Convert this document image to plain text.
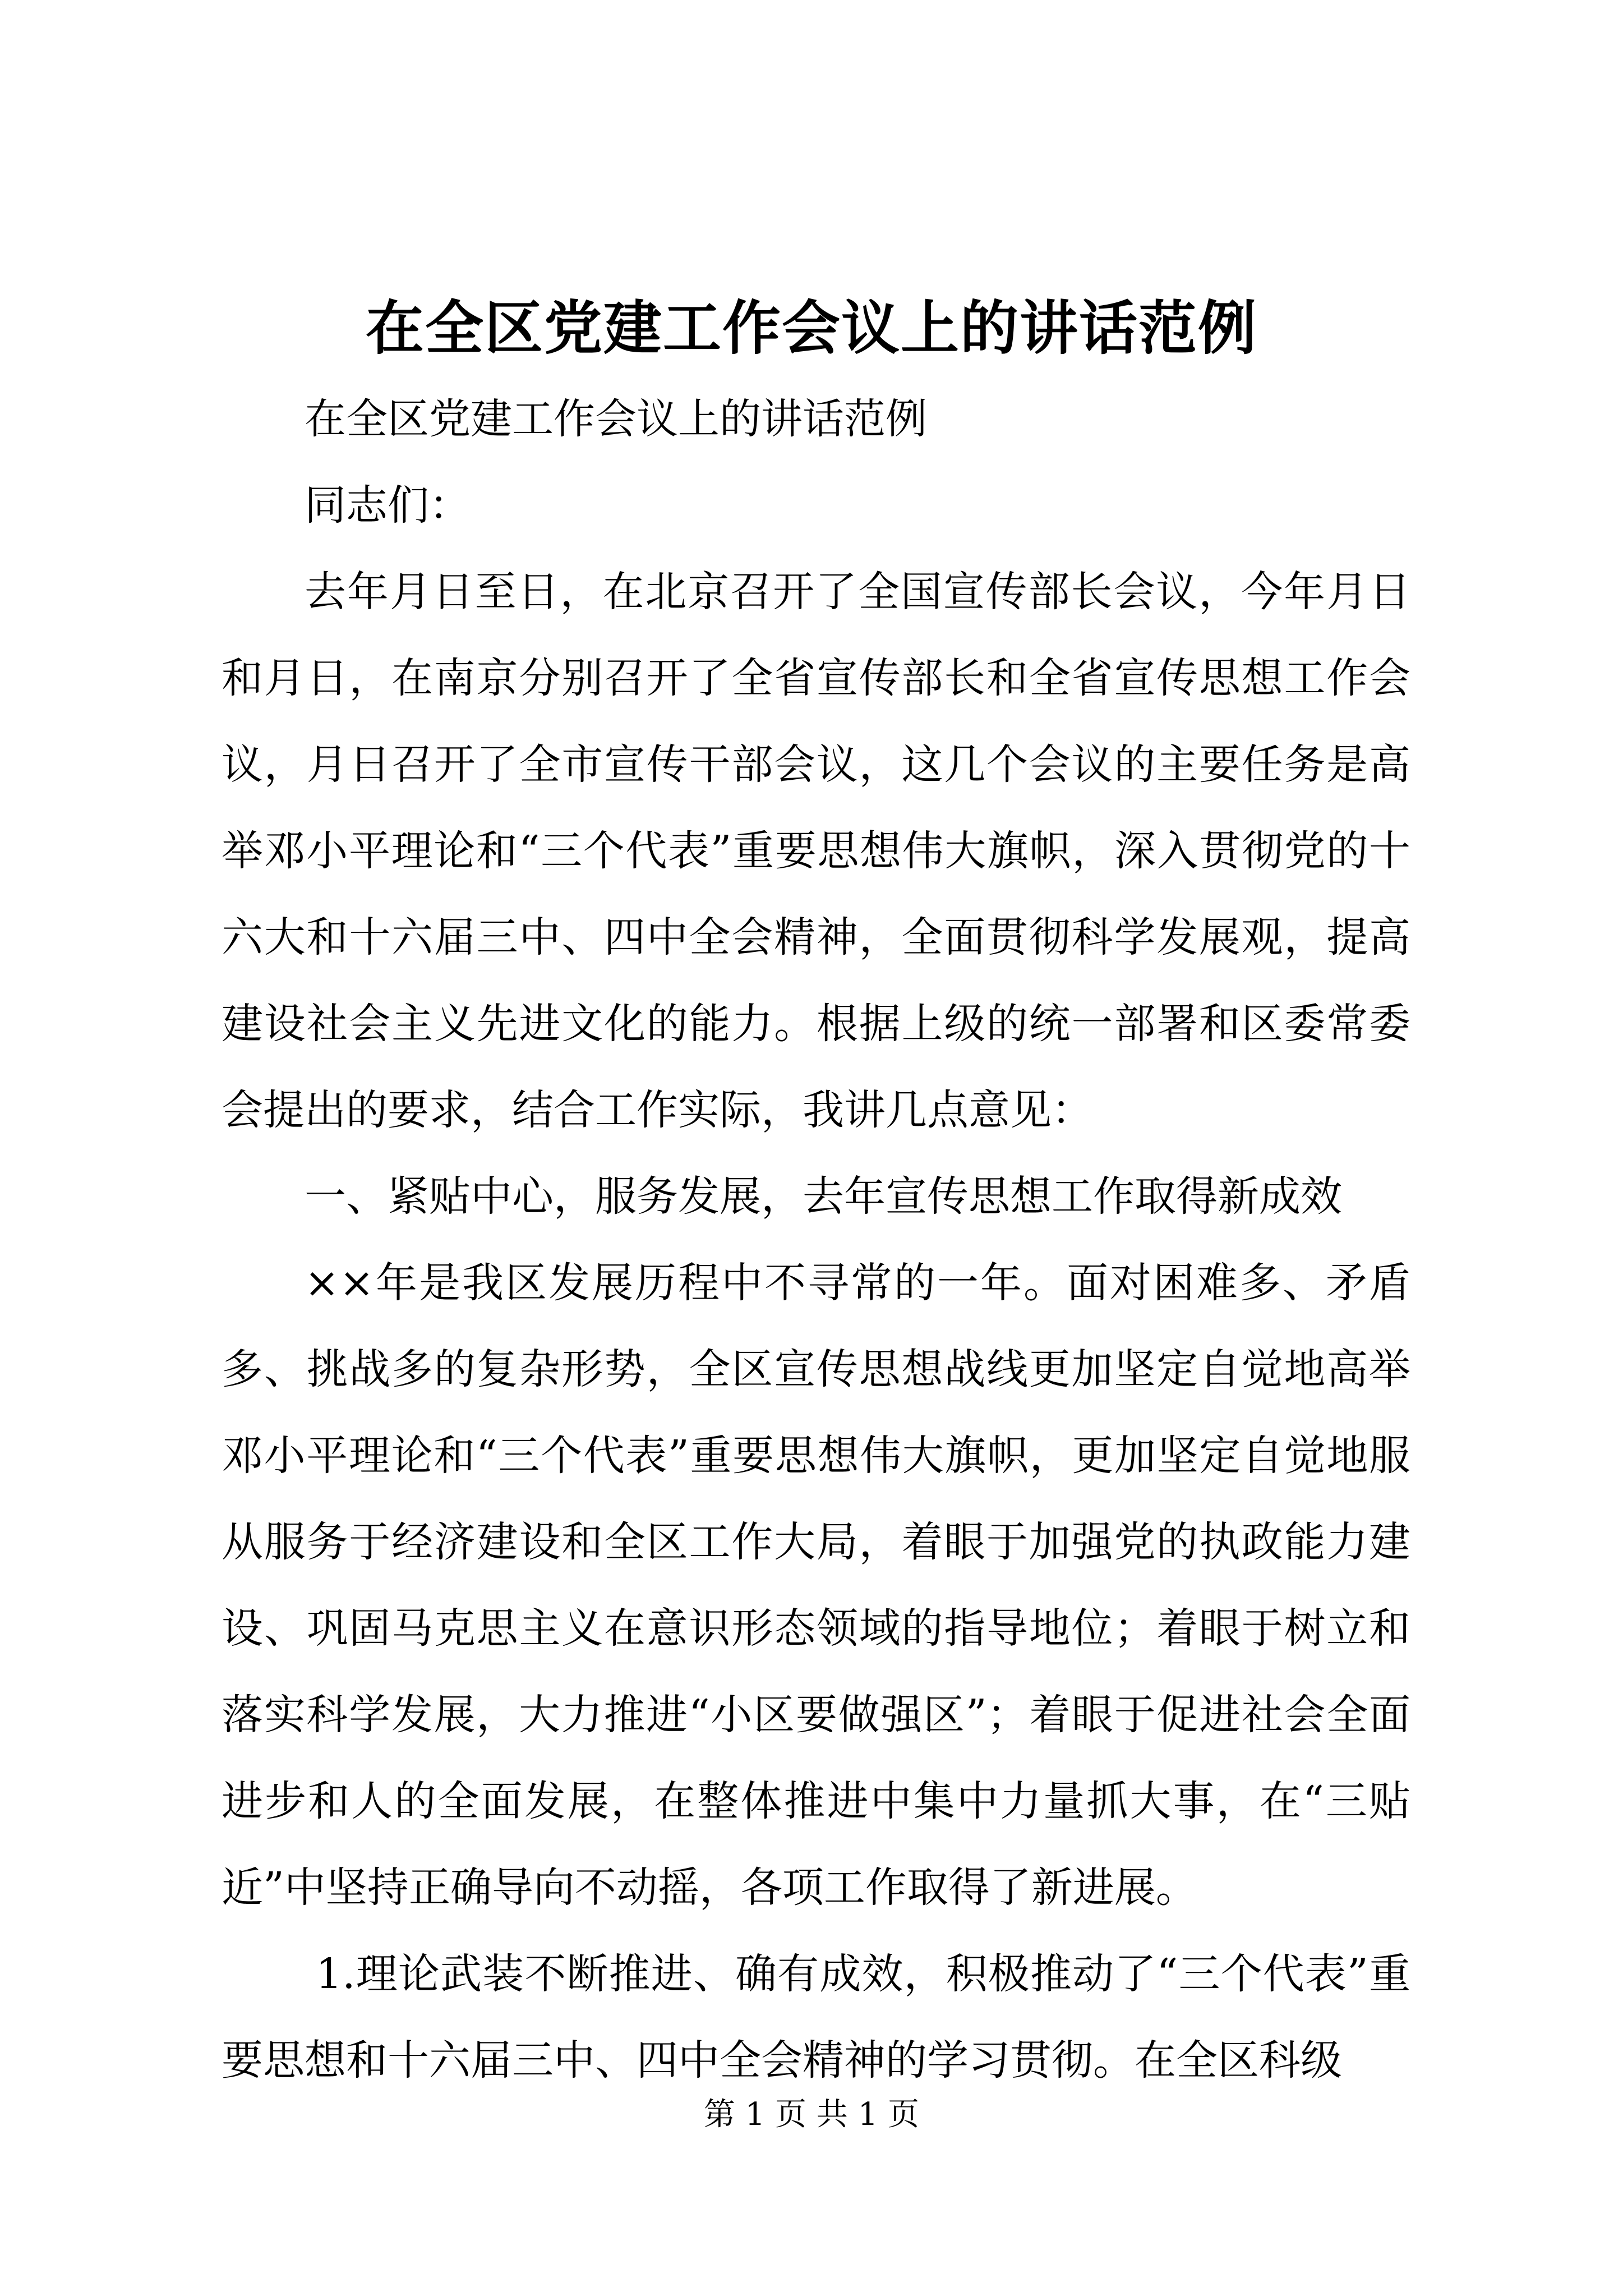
在全区党建工作会议上的讲话范例

在全区党建工作会议上的讲话范例

同志们：

去年月日至日，在北京召开了全国宣传部长会议，今年月日和月日，在南京分别召开了全省宣传部长和全省宣传思想工作会议，月日召开了全市宣传干部会议，这几个会议的主要任务是高举邓小平理论和“三个代表”重要思想伟大旗帜，深入贯彻党的十六大和十六届三中、四中全会精神，全面贯彻科学发展观，提高建设社会主义先进文化的能力。根据上级的统一部署和区委常委会提出的要求，结合工作实际，我讲几点意见：

一、紧贴中心，服务发展，去年宣传思想工作取得新成效

××年是我区发展历程中不寻常的一年。面对困难多、矛盾多、挑战多的复杂形势，全区宣传思想战线更加坚定自觉地高举邓小平理论和“三个代表”重要思想伟大旗帜，更加坚定自觉地服从服务于经济建设和全区工作大局，着眼于加强党的执政能力建设、巩固马克思主义在意识形态领域的指导地位；着眼于树立和落实科学发展，大力推进“小区要做强区”；着眼于促进社会全面进步和人的全面发展，在整体推进中集中力量抓大事，在“三贴近”中坚持正确导向不动摇，各项工作取得了新进展。

1.理论武装不断推进、确有成效，积极推动了“三个代表”重要思想和十六届三中、四中全会精神的学习贯彻。在全区科级

第 1 页 共 1 页
